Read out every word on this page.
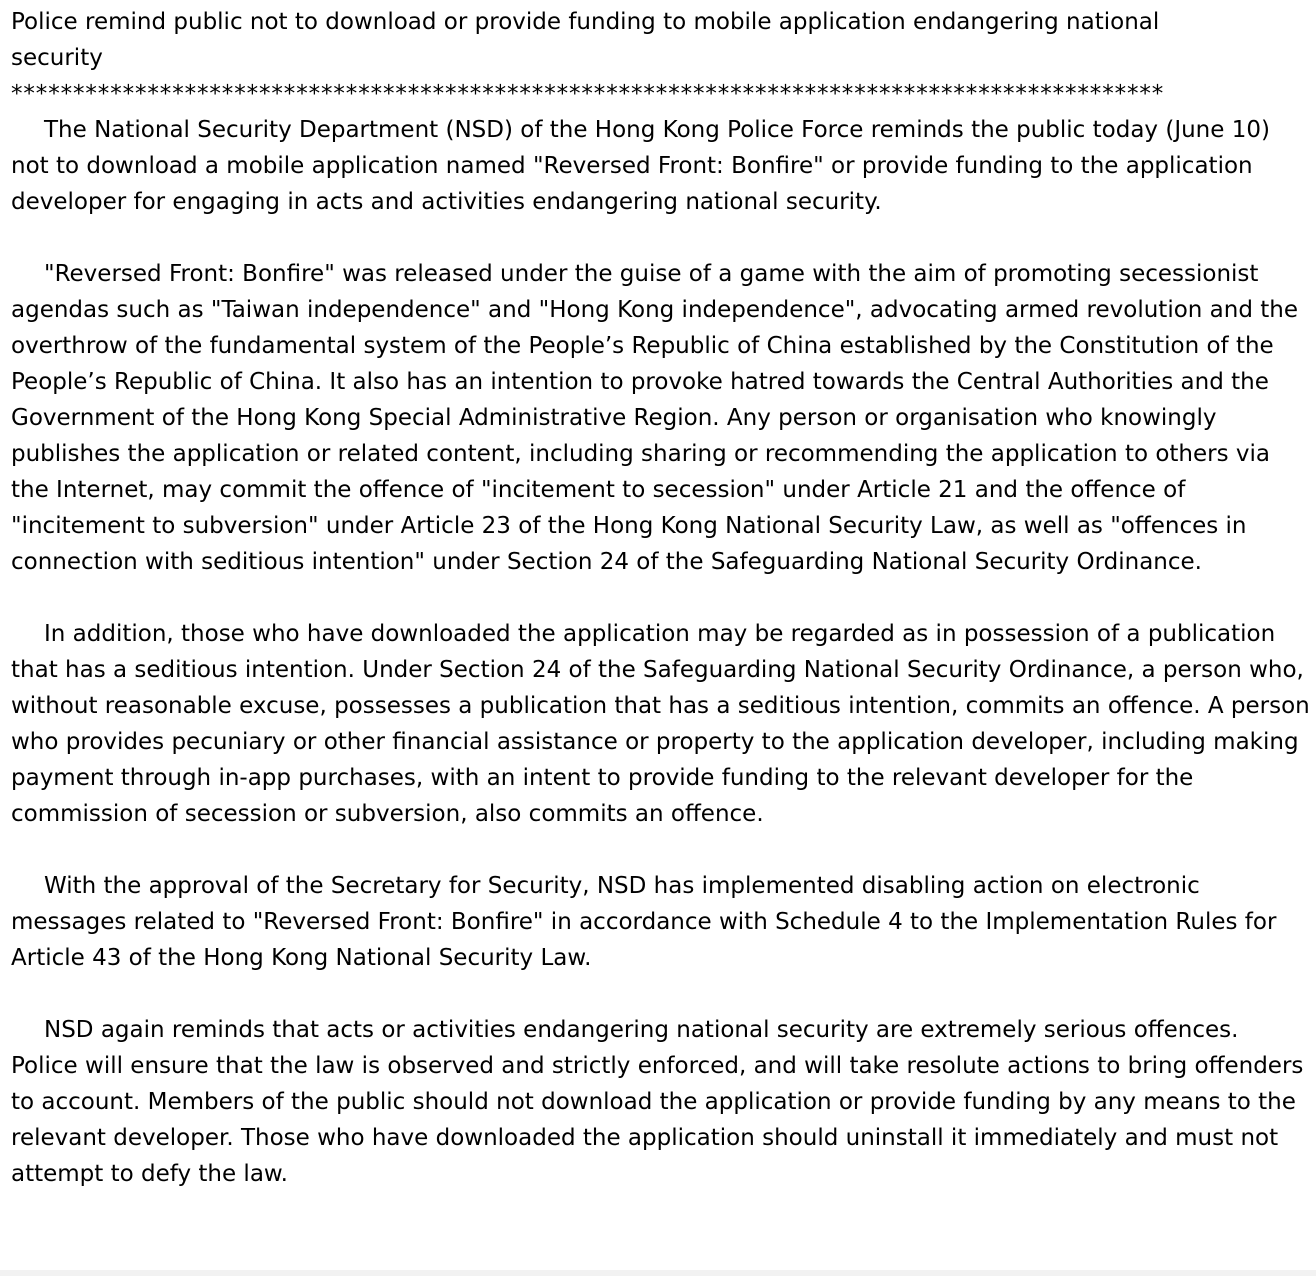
Police remind public not to download or provide funding to mobile application endangering national security
*********************************************************************************************

The National Security Department (NSD) of the Hong Kong Police Force reminds the public today (June 10) not to download a mobile application named "Reversed Front: Bonfire" or provide funding to the application developer for engaging in acts and activities endangering national security.

"Reversed Front: Bonfire" was released under the guise of a game with the aim of promoting secessionist agendas such as "Taiwan independence" and "Hong Kong independence", advocating armed revolution and the overthrow of the fundamental system of the People’s Republic of China established by the Constitution of the People’s Republic of China. It also has an intention to provoke hatred towards the Central Authorities and the Government of the Hong Kong Special Administrative Region. Any person or organisation who knowingly publishes the application or related content, including sharing or recommending the application to others via the Internet, may commit the offence of "incitement to secession" under Article 21 and the offence of "incitement to subversion" under Article 23 of the Hong Kong National Security Law, as well as "offences in connection with seditious intention" under Section 24 of the Safeguarding National Security Ordinance.

In addition, those who have downloaded the application may be regarded as in possession of a publication that has a seditious intention. Under Section 24 of the Safeguarding National Security Ordinance, a person who, without reasonable excuse, possesses a publication that has a seditious intention, commits an offence. A person who provides pecuniary or other financial assistance or property to the application developer, including making payment through in-app purchases, with an intent to provide funding to the relevant developer for the commission of secession or subversion, also commits an offence.

With the approval of the Secretary for Security, NSD has implemented disabling action on electronic messages related to "Reversed Front: Bonfire" in accordance with Schedule 4 to the Implementation Rules for Article 43 of the Hong Kong National Security Law.

NSD again reminds that acts or activities endangering national security are extremely serious offences. Police will ensure that the law is observed and strictly enforced, and will take resolute actions to bring offenders to account. Members of the public should not download the application or provide funding by any means to the relevant developer. Those who have downloaded the application should uninstall it immediately and must not attempt to defy the law.
